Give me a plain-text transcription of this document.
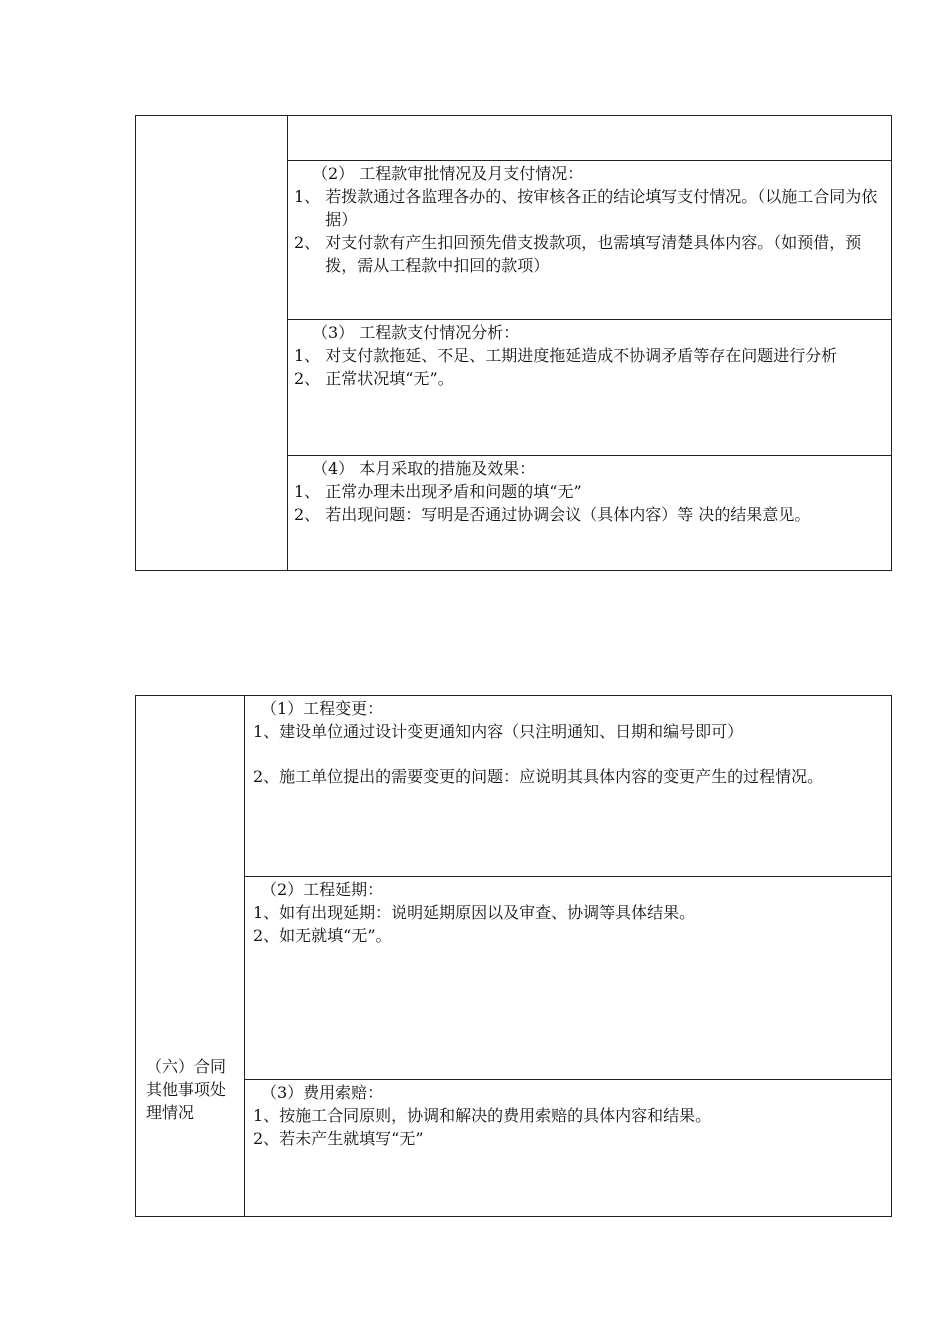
（2） 工程款审批情况及月支付情况：
1、 若拨款通过各监理各办的、按审核各正的结论填写支付情况。（以施工合同为依据）
2、 对支付款有产生扣回预先借支拨款项，也需填写清楚具体内容。（如预借，预拨，需从工程款中扣回的款项）

（3） 工程款支付情况分析：
1、 对支付款拖延、不足、工期进度拖延造成不协调矛盾等存在问题进行分析
2、 正常状况填“无”。

（4） 本月采取的措施及效果：
1、 正常办理未出现矛盾和问题的填“无”
2、 若出现问题：写明是否通过协调会议（具体内容）等 决的结果意见。
（六）合同其他事项处理情况

（1）工程变更：
1、建设单位通过设计变更通知内容（只注明通知、日期和编号即可）
2、施工单位提出的需要变更的问题：应说明其具体内容的变更产生的过程情况。

（2）工程延期：
1、如有出现延期：说明延期原因以及审查、协调等具体结果。
2、如无就填“无”。

（3）费用索赔：
1、按施工合同原则，协调和解决的费用索赔的具体内容和结果。
2、若未产生就填写“无”
